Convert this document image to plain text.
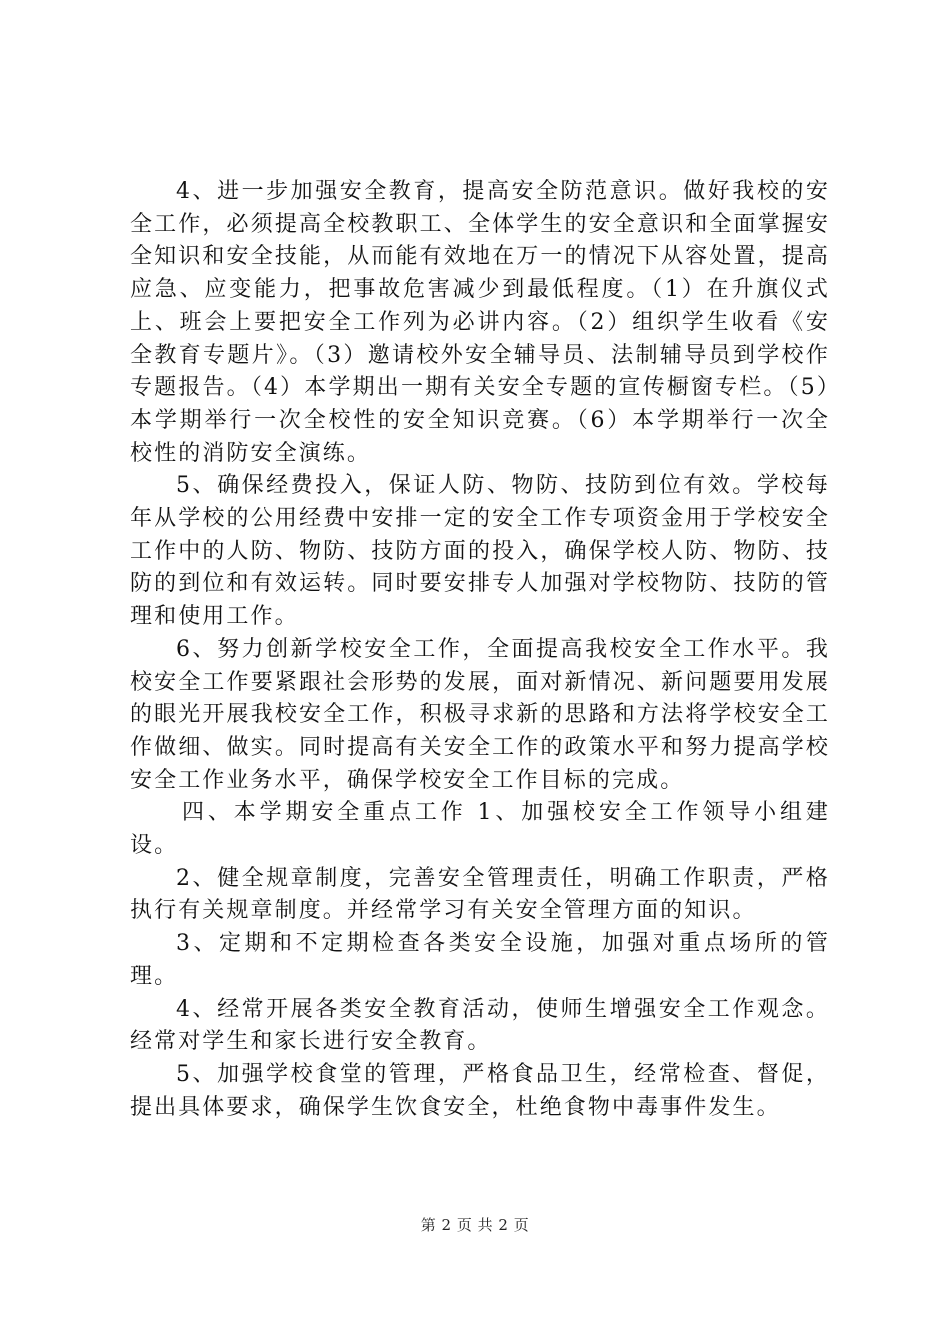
4、进一步加强安全教育，提高安全防范意识。做好我校的安全工作，必须提高全校教职工、全体学生的安全意识和全面掌握安全知识和安全技能，从而能有效地在万一的情况下从容处置，提高应急、应变能力，把事故危害减少到最低程度。（1）在升旗仪式上、班会上要把安全工作列为必讲内容。（2）组织学生收看《安全教育专题片》。（3）邀请校外安全辅导员、法制辅导员到学校作专题报告。（4）本学期出一期有关安全专题的宣传橱窗专栏。（5）本学期举行一次全校性的安全知识竞赛。（6）本学期举行一次全校性的消防安全演练。

5、确保经费投入，保证人防、物防、技防到位有效。学校每年从学校的公用经费中安排一定的安全工作专项资金用于学校安全工作中的人防、物防、技防方面的投入，确保学校人防、物防、技防的到位和有效运转。同时要安排专人加强对学校物防、技防的管理和使用工作。

6、努力创新学校安全工作，全面提高我校安全工作水平。我校安全工作要紧跟社会形势的发展，面对新情况、新问题要用发展的眼光开展我校安全工作，积极寻求新的思路和方法将学校安全工作做细、做实。同时提高有关安全工作的政策水平和努力提高学校安全工作业务水平，确保学校安全工作目标的完成。

四、本学期安全重点工作 1、加强校安全工作领导小组建设。

2、健全规章制度，完善安全管理责任，明确工作职责，严格执行有关规章制度。并经常学习有关安全管理方面的知识。

3、定期和不定期检查各类安全设施，加强对重点场所的管理。

4、经常开展各类安全教育活动，使师生增强安全工作观念。经常对学生和家长进行安全教育。

5、加强学校食堂的管理，严格食品卫生，经常检查、督促，提出具体要求，确保学生饮食安全，杜绝食物中毒事件发生。

第 2 页 共 2 页
